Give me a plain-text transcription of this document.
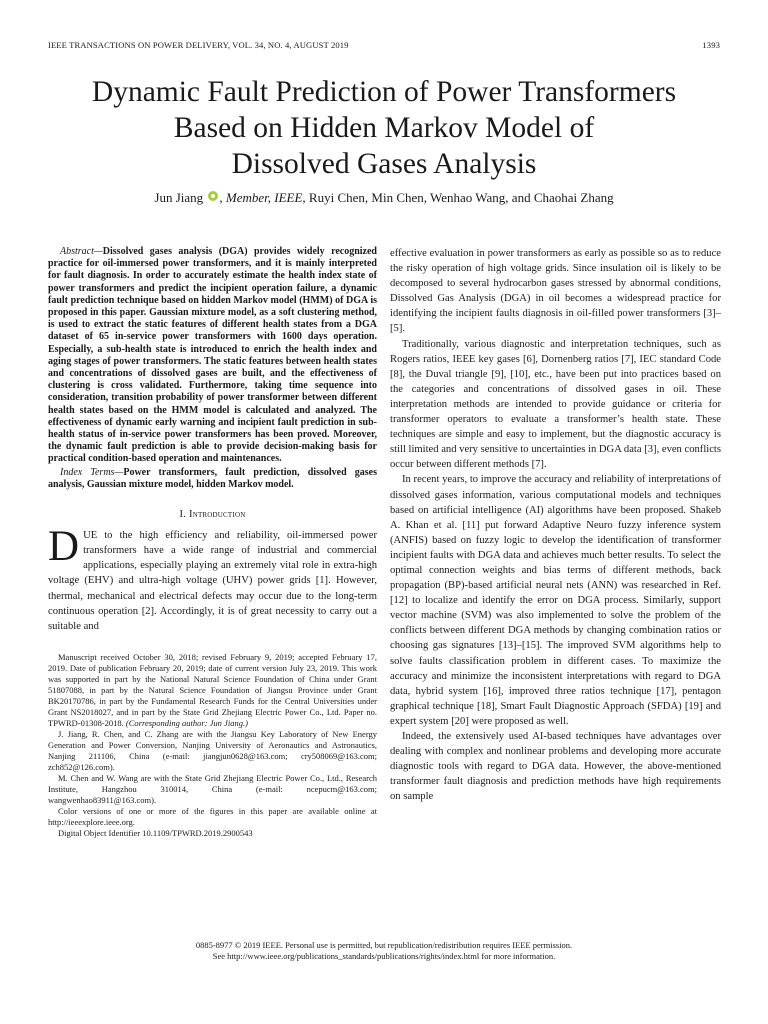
IEEE TRANSACTIONS ON POWER DELIVERY, VOL. 34, NO. 4, AUGUST 2019	1393
Dynamic Fault Prediction of Power Transformers
Based on Hidden Markov Model of
Dissolved Gases Analysis
Jun Jiang , Member, IEEE, Ruyi Chen, Min Chen, Wenhao Wang, and Chaohai Zhang

Abstract—Dissolved gases analysis (DGA) provides widely recognized practice for oil-immersed power transformers, and it is mainly interpreted for fault diagnosis. In order to accurately estimate the health index state of power transformers and predict the incipient operation failure, a dynamic fault prediction technique based on hidden Markov model (HMM) of DGA is proposed in this paper. Gaussian mixture model, as a soft clustering method, is used to extract the static features of different health states from a DGA dataset of 65 in-service power transformers with 1600 days operation. Especially, a sub-health state is introduced to enrich the health index and aging stages of power transformers. The static features between health states and concentrations of dissolved gases are built, and the effectiveness of clustering is cross validated. Furthermore, taking time sequence into consideration, transition probability of power transformer between different health states based on the HMM model is calculated and analyzed. The effectiveness of dynamic early warning and incipient fault prediction in sub-health status of in-service power transformers has been proved. Moreover, the dynamic fault prediction is able to provide decision-making basis for practical condition-based operation and maintenances.

Index Terms—Power transformers, fault prediction, dissolved gases analysis, Gaussian mixture model, hidden Markov model.

I. Introduction

DUE to the high efficiency and reliability, oil-immersed power transformers have a wide range of industrial and commercial applications, especially playing an extremely vital role in extra-high voltage (EHV) and ultra-high voltage (UHV) power grids [1]. However, thermal, mechanical and electrical defects may occur due to the long-term continuous operation [2]. Accordingly, it is of great necessity to carry out a suitable and

Manuscript received October 30, 2018; revised February 9, 2019; accepted February 17, 2019. Date of publication February 20, 2019; date of current version July 23, 2019. This work was supported in part by the National Natural Science Foundation of China under Grant 51807088, in part by the Natural Science Foundation of Jiangsu Province under Grant BK20170786, in part by the Fundamental Research Funds for the Central Universities under Grant NS2018027, and in part by the State Grid Zhejiang Electric Power Co., Ltd. Paper no. TPWRD-01308-2018. (Corresponding author: Jun Jiang.)

J. Jiang, R. Chen, and C. Zhang are with the Jiangsu Key Laboratory of New Energy Generation and Power Conversion, Nanjing University of Aeronautics and Astronautics, Nanjing 211106, China (e-mail: jiangjun0628@163.com; cry508069@163.com; zch852@126.com).

M. Chen and W. Wang are with the State Grid Zhejiang Electric Power Co., Ltd., Research Institute, Hangzhou 310014, China (e-mail: ncepucm@163.com; wangwenhao83911@163.com).

Color versions of one or more of the figures in this paper are available online at http://ieeexplore.ieee.org.

Digital Object Identifier 10.1109/TPWRD.2019.2900543

effective evaluation in power transformers as early as possible so as to reduce the risky operation of high voltage grids. Since insulation oil is likely to be decomposed to several hydrocarbon gases stressed by abnormal conditions, Dissolved Gas Analysis (DGA) in oil becomes a widespread practice for identifying the incipient faults diagnosis in oil-filled power transformers [3]–[5].

Traditionally, various diagnostic and interpretation techniques, such as Rogers ratios, IEEE key gases [6], Dornenberg ratios [7], IEC standard Code [8], the Duval triangle [9], [10], etc., have been put into practices based on the categories and concentrations of dissolved gases in oil. These interpretation methods are intended to provide guidance or criteria for transformer operators to evaluate a transformer’s health state. These techniques are simple and easy to implement, but the diagnostic accuracy is still limited and very sensitive to uncertainties in DGA data [3], even conflicts occur between different methods [7].

In recent years, to improve the accuracy and reliability of interpretations of dissolved gases information, various computational models and techniques based on artificial intelligence (AI) algorithms have been proposed. Shakeb A. Khan et al. [11] put forward Adaptive Neuro fuzzy inference system (ANFIS) based on fuzzy logic to develop the identification of transformer incipient faults with DGA data and achieves much better results. To select the optimal connection weights and bias terms of different methods, back propagation (BP)-based artificial neural nets (ANN) was researched in Ref. [12] to localize and identify the error on DGA process. Similarly, support vector machine (SVM) was also implemented to solve the problem of the conflicts between different DGA methods by changing combination ratios or choosing gas signatures [13]–[15]. The improved SVM algorithms help to solve faults classification problem in different cases. To maximize the accuracy and minimize the inconsistent interpretations with regard to DGA data, hybrid system [16], improved three ratios technique [17], pentagon graphical technique [18], Smart Fault Diagnostic Approach (SFDA) [19] and expert system [20] were proposed as well.

Indeed, the extensively used AI-based techniques have advantages over dealing with complex and nonlinear problems and developing more accurate diagnostic tools with regard to DGA data. However, the above-mentioned transformer fault diagnosis and prediction methods have high requirements on sample

0885-8977 © 2019 IEEE. Personal use is permitted, but republication/redistribution requires IEEE permission.
See http://www.ieee.org/publications_standards/publications/rights/index.html for more information.
